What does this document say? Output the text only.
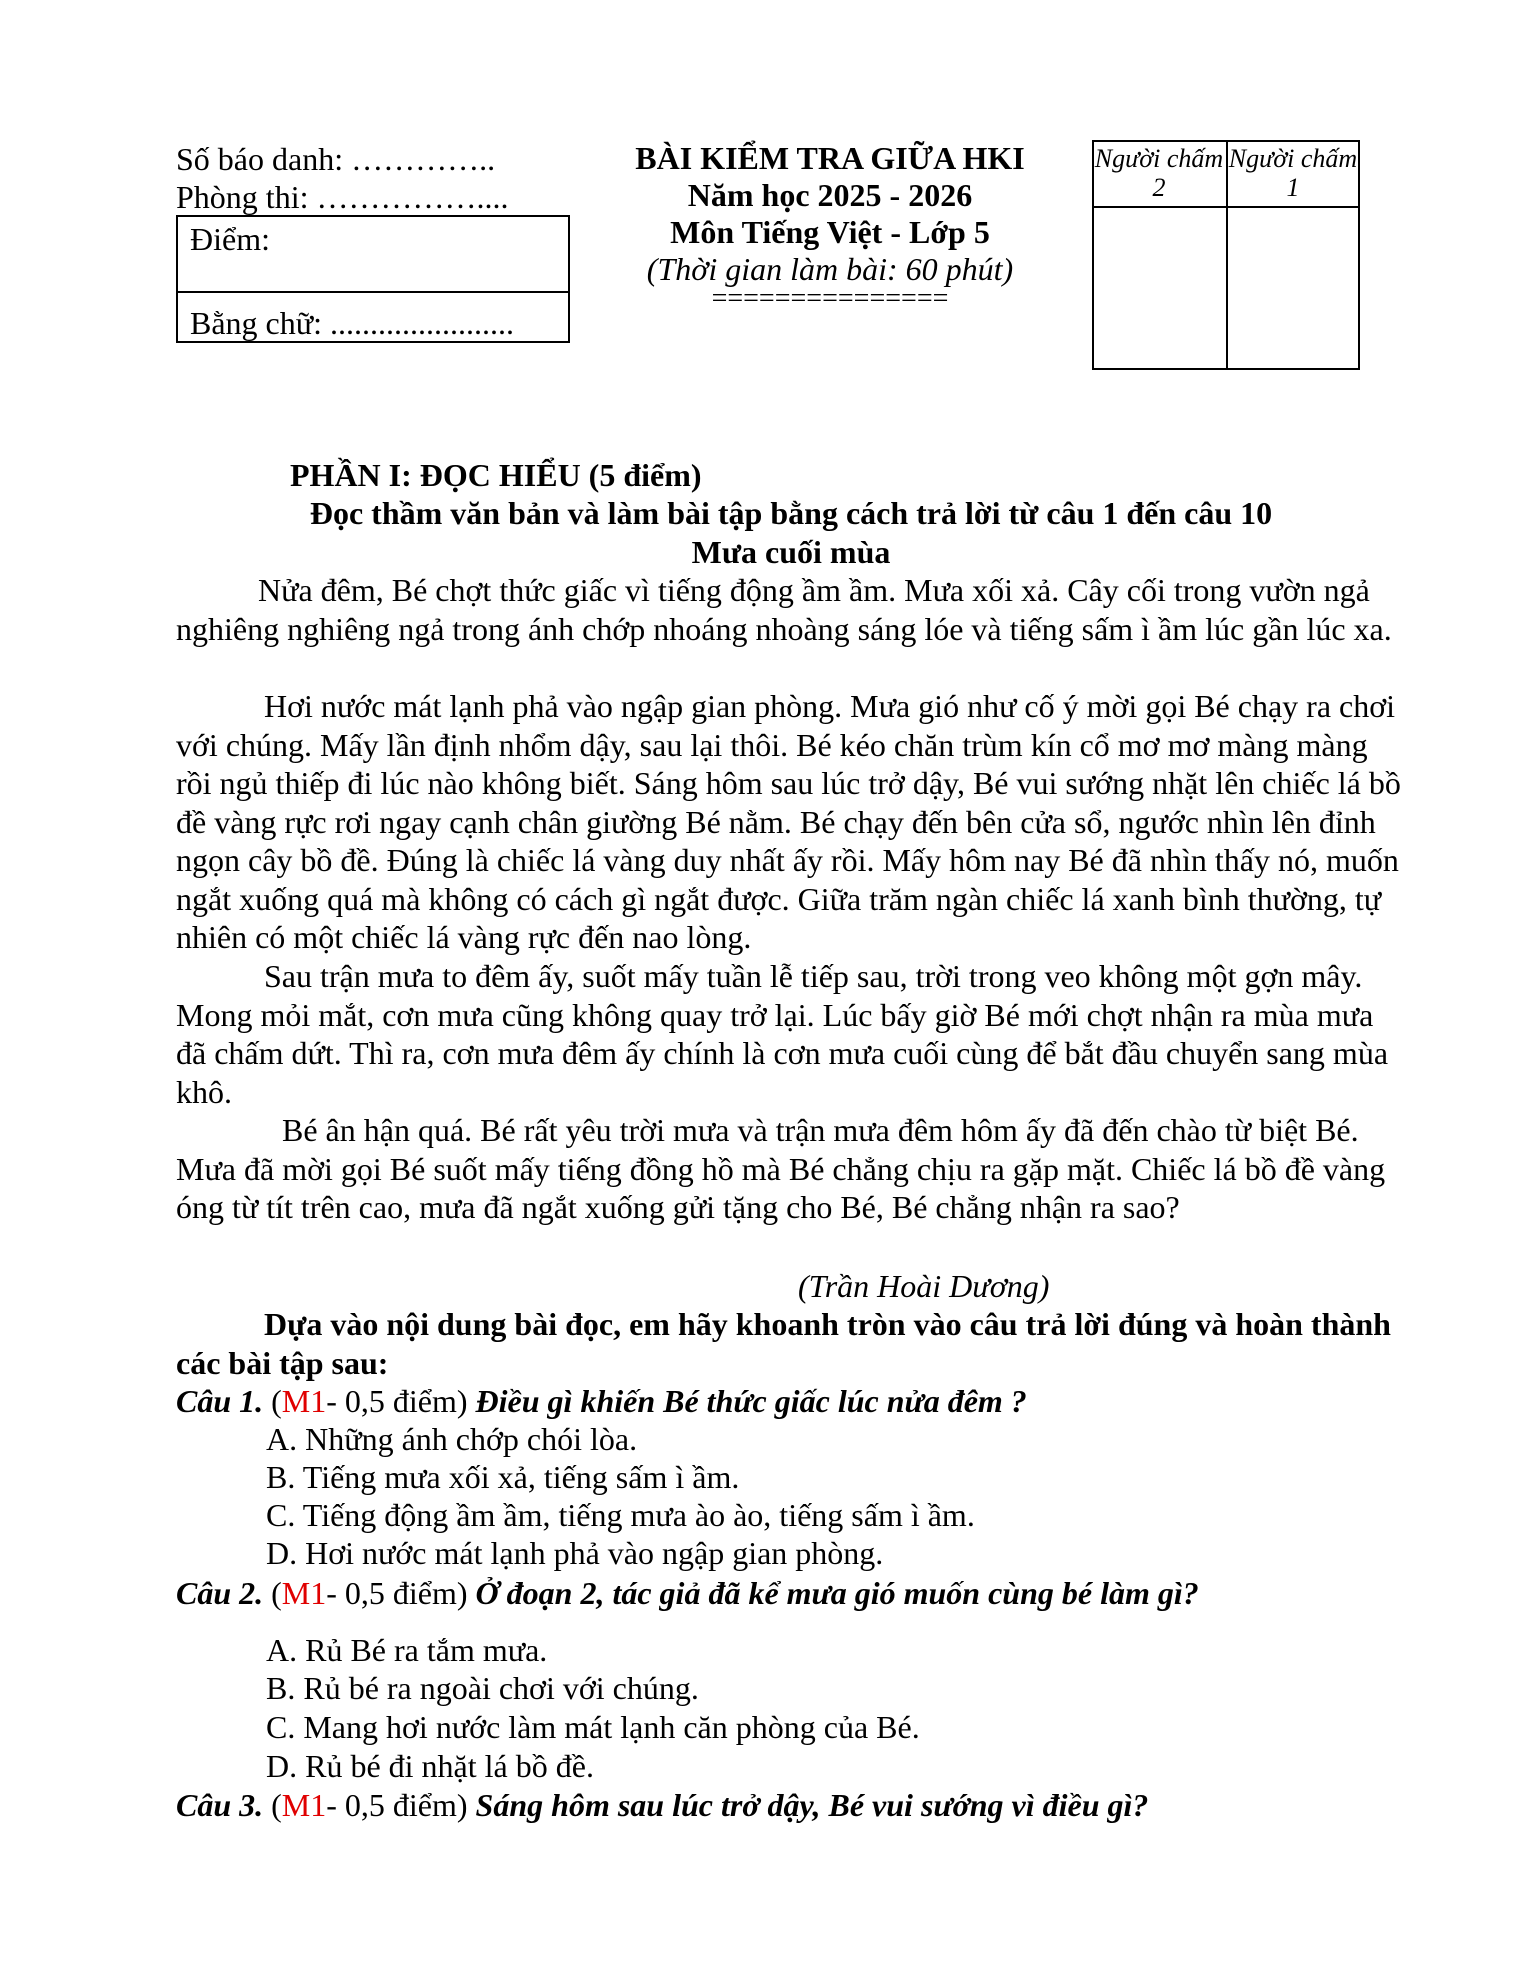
Số báo danh: …………..
Phòng thi: ……………....
Điểm:
Bằng chữ: .......................
BÀI KIỂM TRA GIỮA HKI
Năm học 2025 - 2026
Môn Tiếng Việt - Lớp 5
(Thời gian làm bài: 60 phút)
===============
Người chấm 2
Người chấm 1
PHẦN I: ĐỌC HIỂU (5 điểm)
Đọc thầm văn bản và làm bài tập bằng cách trả lời từ câu 1 đến câu 10
Mưa cuối mùa
Nửa đêm, Bé chợt thức giấc vì tiếng động ầm ầm. Mưa xối xả. Cây cối trong vườn ngả nghiêng nghiêng ngả trong ánh chớp nhoáng nhoàng sáng lóe và tiếng sấm ì ầm lúc gần lúc xa.
Hơi nước mát lạnh phả vào ngập gian phòng. Mưa gió như cố ý mời gọi Bé chạy ra chơi với chúng. Mấy lần định nhổm dậy, sau lại thôi. Bé kéo chăn trùm kín cổ mơ mơ màng màng rồi ngủ thiếp đi lúc nào không biết. Sáng hôm sau lúc trở dậy, Bé vui sướng nhặt lên chiếc lá bồ đề vàng rực rơi ngay cạnh chân giường Bé nằm. Bé chạy đến bên cửa sổ, ngước nhìn lên đỉnh ngọn cây bồ đề. Đúng là chiếc lá vàng duy nhất ấy rồi. Mấy hôm nay Bé đã nhìn thấy nó, muốn ngắt xuống quá mà không có cách gì ngắt được. Giữa trăm ngàn chiếc lá xanh bình thường, tự nhiên có một chiếc lá vàng rực đến nao lòng.
Sau trận mưa to đêm ấy, suốt mấy tuần lễ tiếp sau, trời trong veo không một gợn mây. Mong mỏi mắt, cơn mưa cũng không quay trở lại. Lúc bấy giờ Bé mới chợt nhận ra mùa mưa đã chấm dứt. Thì ra, cơn mưa đêm ấy chính là cơn mưa cuối cùng để bắt đầu chuyển sang mùa khô.
Bé ân hận quá. Bé rất yêu trời mưa và trận mưa đêm hôm ấy đã đến chào từ biệt Bé. Mưa đã mời gọi Bé suốt mấy tiếng đồng hồ mà Bé chẳng chịu ra gặp mặt. Chiếc lá bồ đề vàng óng từ tít trên cao, mưa đã ngắt xuống gửi tặng cho Bé, Bé chẳng nhận ra sao?
(Trần Hoài Dương)
Dựa vào nội dung bài đọc, em hãy khoanh tròn vào câu trả lời đúng và hoàn thành các bài tập sau:
Câu 1. (M1- 0,5 điểm) Điều gì khiến Bé thức giấc lúc nửa đêm ?
A. Những ánh chớp chói lòa.
B. Tiếng mưa xối xả, tiếng sấm ì ầm.
C. Tiếng động ầm ầm, tiếng mưa ào ào, tiếng sấm ì ầm.
D. Hơi nước mát lạnh phả vào ngập gian phòng.
Câu 2. (M1- 0,5 điểm) Ở đoạn 2, tác giả đã kể mưa gió muốn cùng bé làm gì?
A. Rủ Bé ra tắm mưa.
B. Rủ bé ra ngoài chơi với chúng.
C. Mang hơi nước làm mát lạnh căn phòng của Bé.
D. Rủ bé đi nhặt lá bồ đề.
Câu 3. (M1- 0,5 điểm) Sáng hôm sau lúc trở dậy, Bé vui sướng vì điều gì?
